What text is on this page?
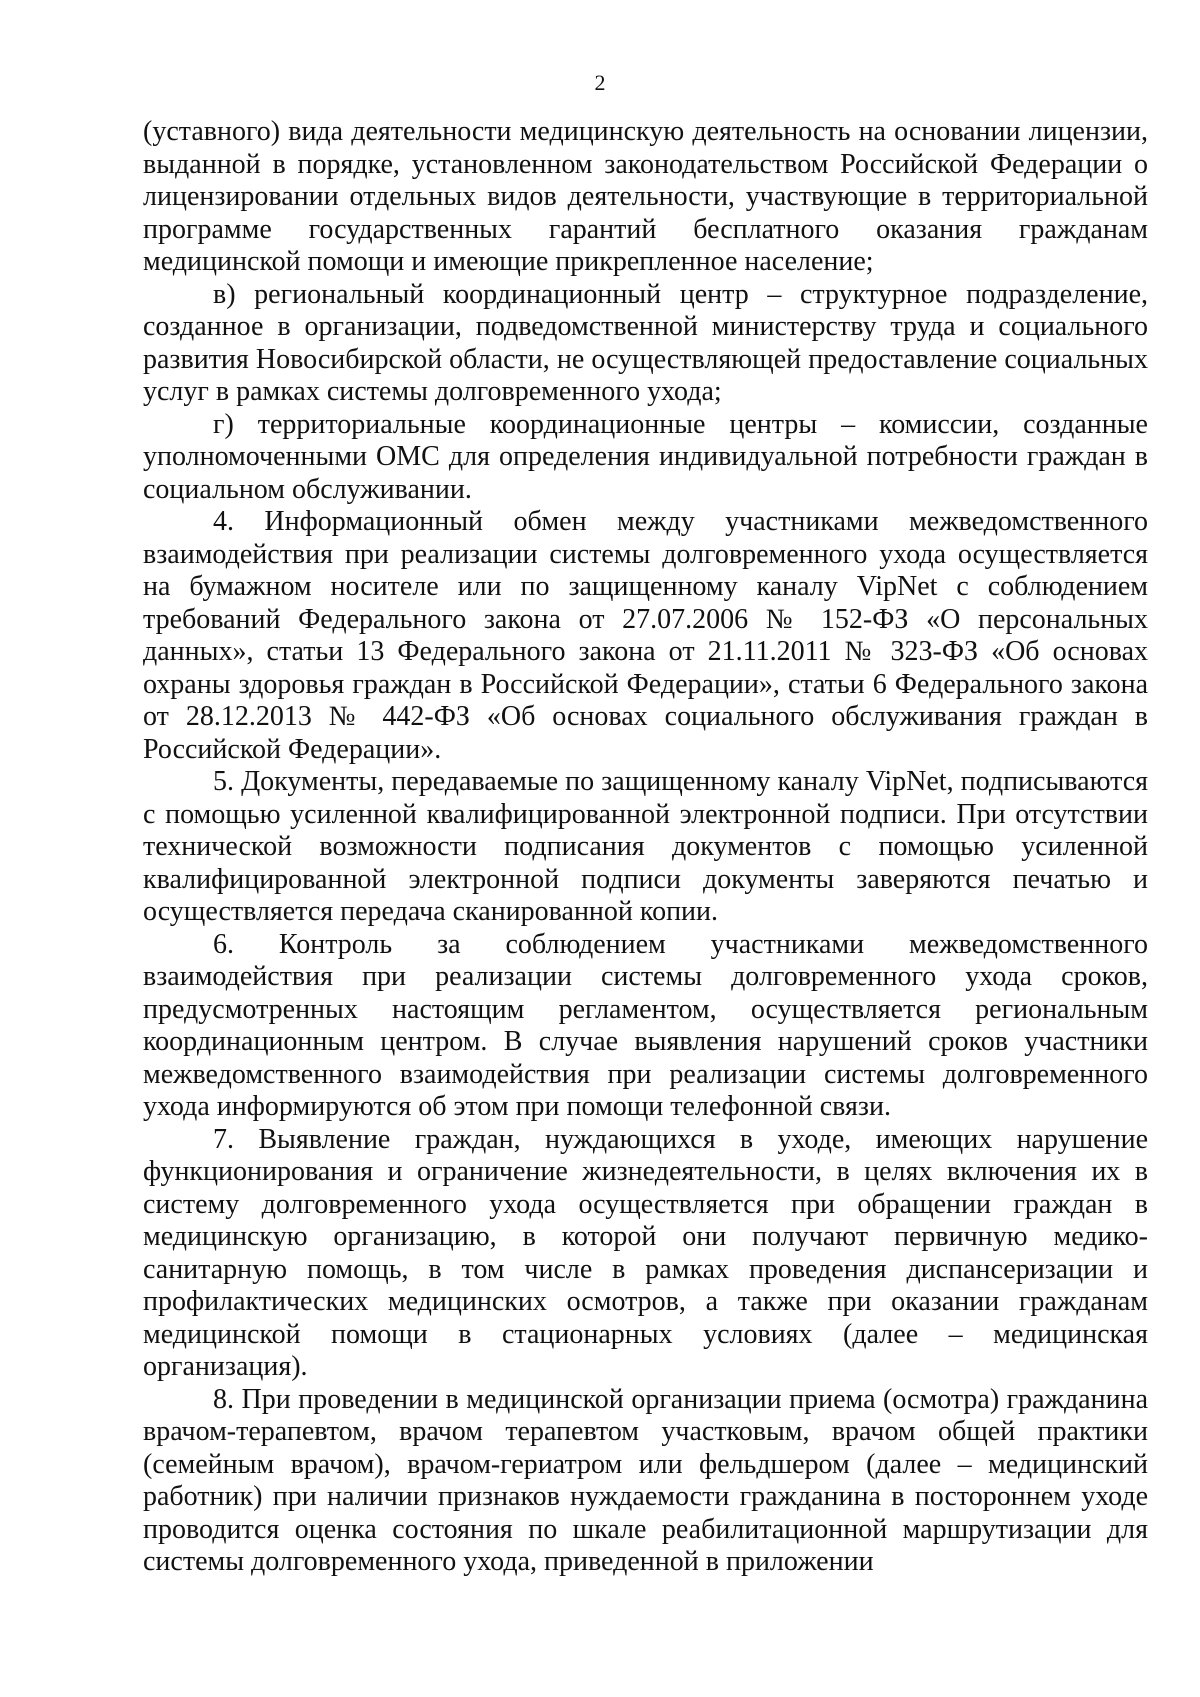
2

(уставного) вида деятельности медицинскую деятельность на основании лицензии, выданной в порядке, установленном законодательством Российской Федерации о лицензировании отдельных видов деятельности, участвующие в территориальной программе государственных гарантий бесплатного оказания гражданам медицинской помощи и имеющие прикрепленное население;

в) региональный координационный центр – структурное подразделение, созданное в организации, подведомственной министерству труда и социального развития Новосибирской области, не осуществляющей предоставление социальных услуг в рамках системы долговременного ухода;

г) территориальные координационные центры – комиссии, созданные уполномоченными ОМС для определения индивидуальной потребности граждан в социальном обслуживании.

4. Информационный обмен между участниками межведомственного взаимодействия при реализации системы долговременного ухода осуществляется на бумажном носителе или по защищенному каналу VipNet с соблюдением требований Федерального закона от 27.07.2006 № 152-ФЗ «О персональных данных», статьи 13 Федерального закона от 21.11.2011 № 323-ФЗ «Об основах охраны здоровья граждан в Российской Федерации», статьи 6 Федерального закона от 28.12.2013 № 442-ФЗ «Об основах социального обслуживания граждан в Российской Федерации».

5. Документы, передаваемые по защищенному каналу VipNet, подписываются с помощью усиленной квалифицированной электронной подписи. При отсутствии технической возможности подписания документов с помощью усиленной квалифицированной электронной подписи документы заверяются печатью и осуществляется передача сканированной копии.

6. Контроль за соблюдением участниками межведомственного взаимодействия при реализации системы долговременного ухода сроков, предусмотренных настоящим регламентом, осуществляется региональным координационным центром. В случае выявления нарушений сроков участники межведомственного взаимодействия при реализации системы долговременного ухода информируются об этом при помощи телефонной связи.

7. Выявление граждан, нуждающихся в уходе, имеющих нарушение функционирования и ограничение жизнедеятельности, в целях включения их в систему долговременного ухода осуществляется при обращении граждан в медицинскую организацию, в которой они получают первичную медико-санитарную помощь, в том числе в рамках проведения диспансеризации и профилактических медицинских осмотров, а также при оказании гражданам медицинской помощи в стационарных условиях (далее – медицинская организация).

8. При проведении в медицинской организации приема (осмотра) гражданина врачом-терапевтом, врачом терапевтом участковым, врачом общей практики (семейным врачом), врачом-гериатром или фельдшером (далее – медицинский работник) при наличии признаков нуждаемости гражданина в постороннем уходе проводится оценка состояния по шкале реабилитационной маршрутизации для системы долговременного ухода, приведенной в приложении
